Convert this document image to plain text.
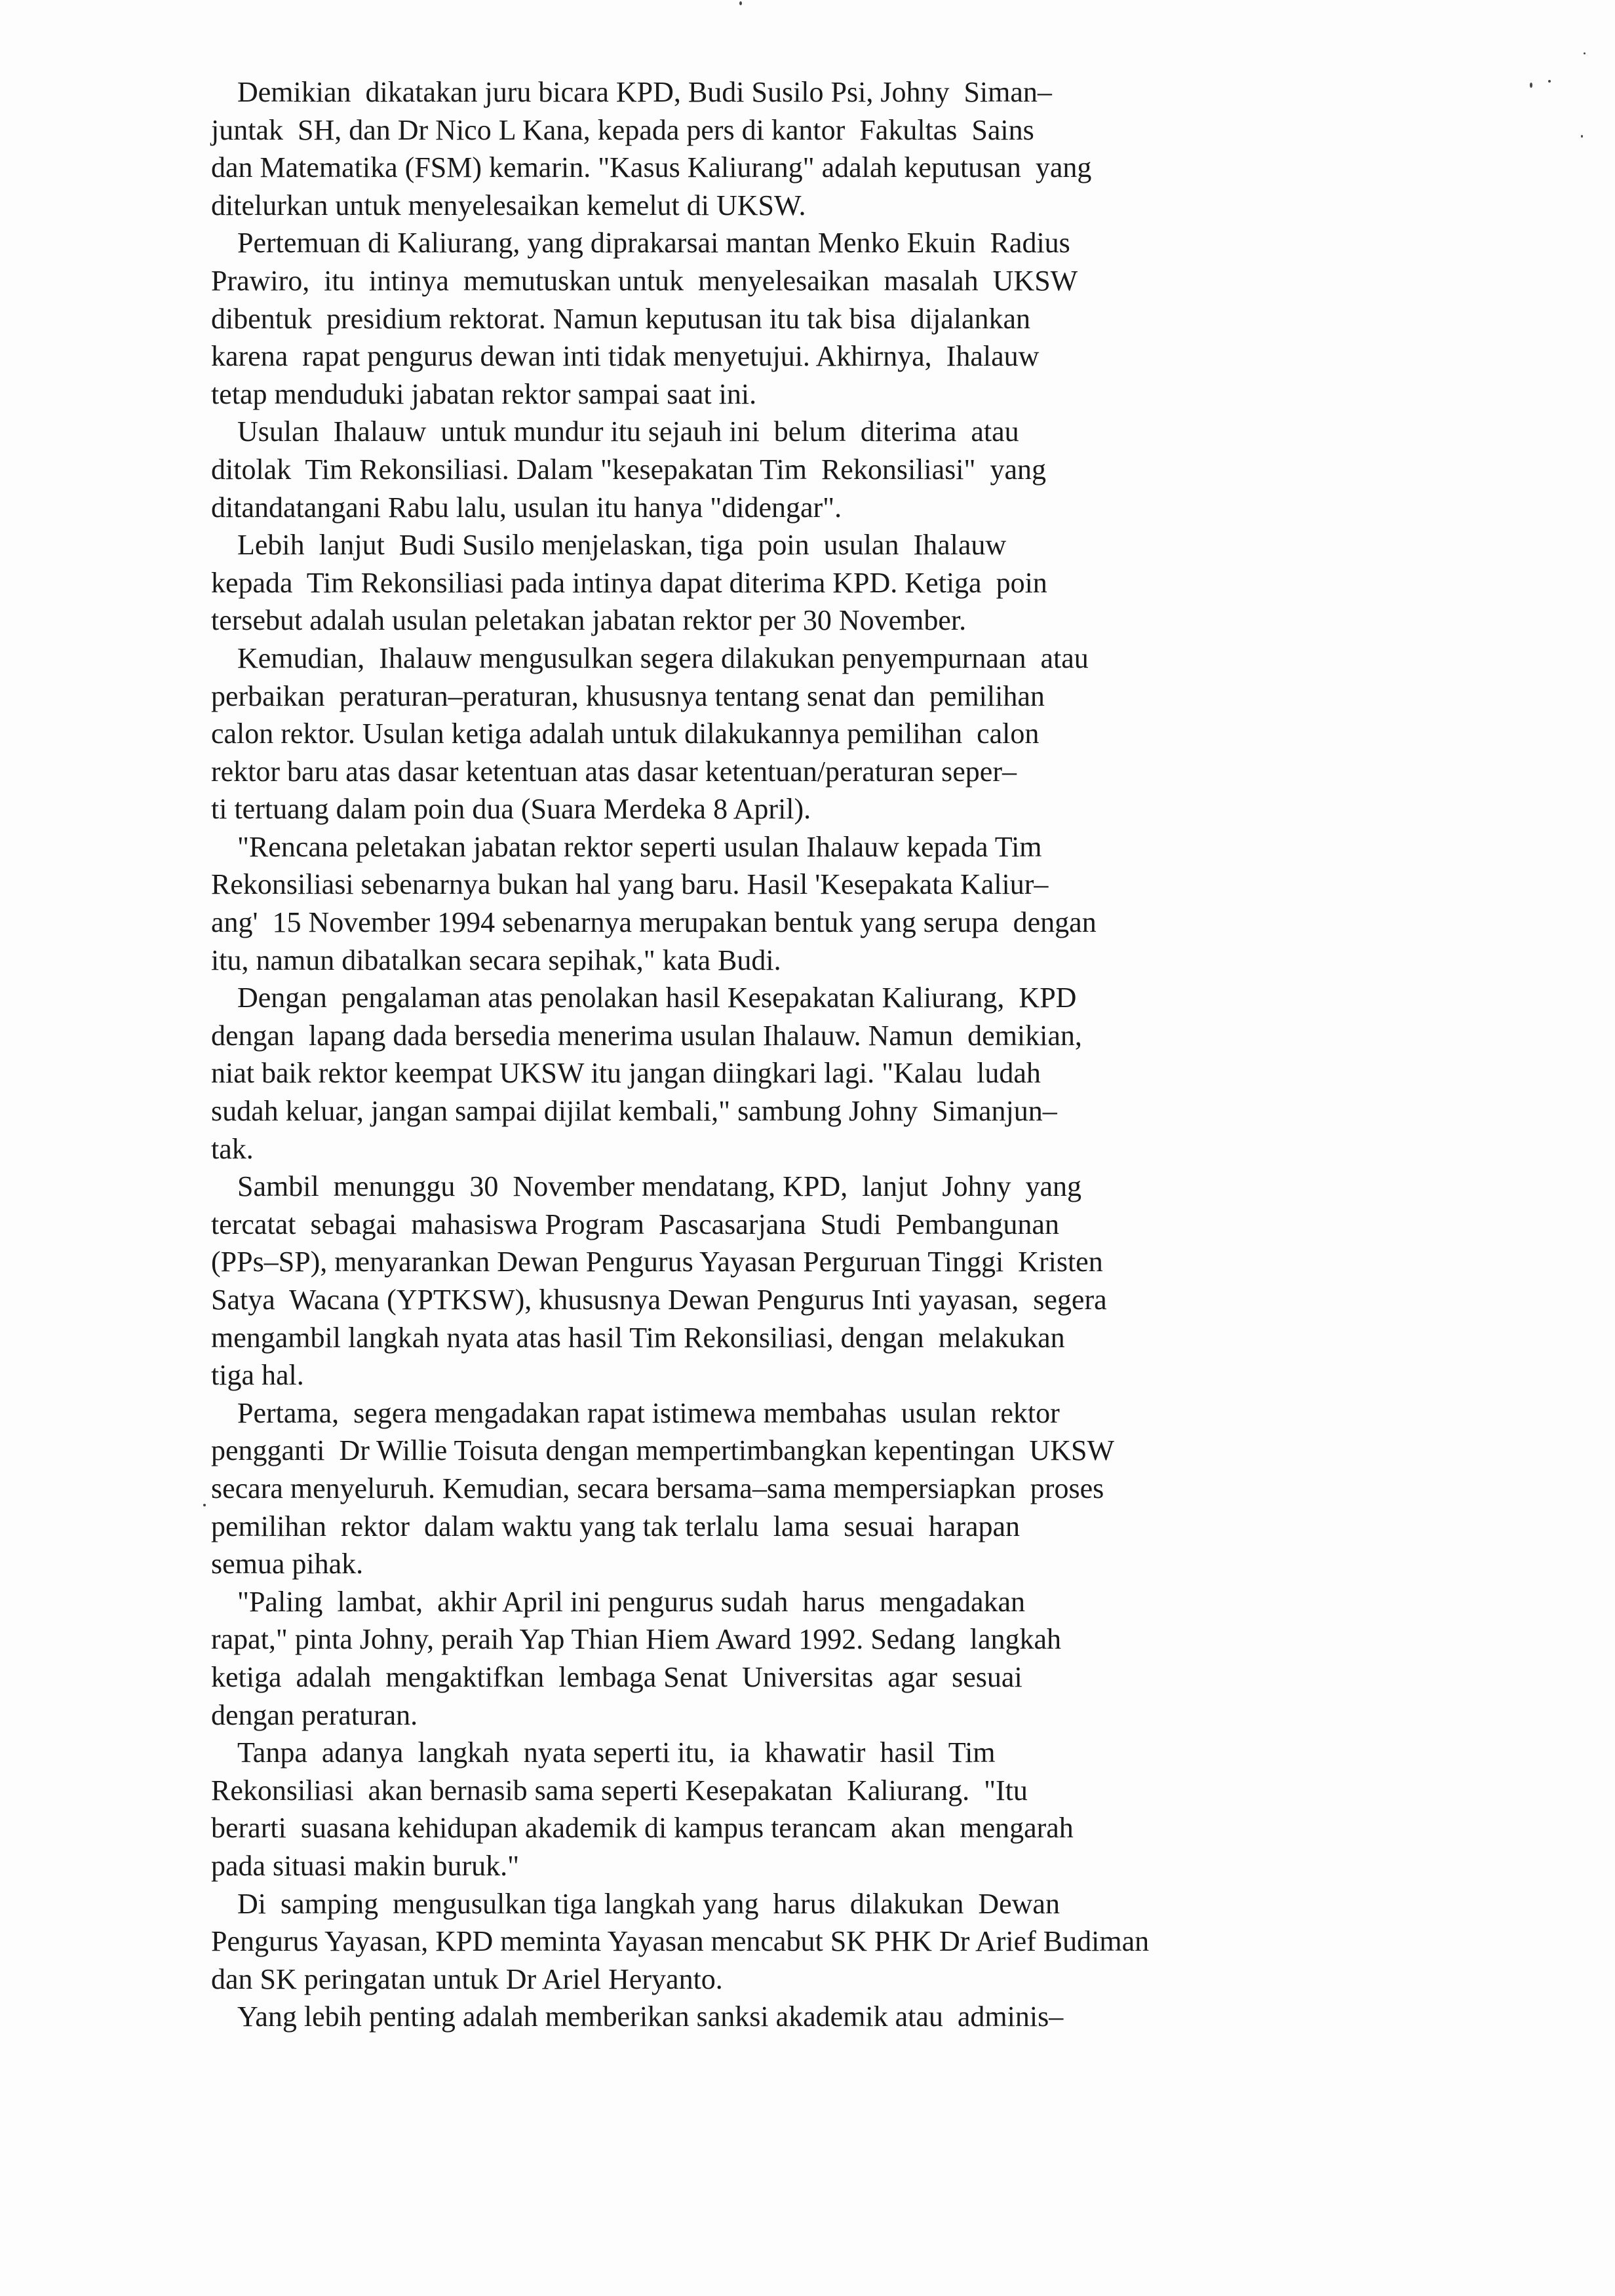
Demikian  dikatakan juru bicara KPD, Budi Susilo Psi, Johny  Siman–
juntak  SH, dan Dr Nico L Kana, kepada pers di kantor  Fakultas  Sains
dan Matematika (FSM) kemarin. "Kasus Kaliurang" adalah keputusan  yang
ditelurkan untuk menyelesaikan kemelut di UKSW.

Pertemuan di Kaliurang, yang diprakarsai mantan Menko Ekuin  Radius
Prawiro,  itu  intinya  memutuskan untuk  menyelesaikan  masalah  UKSW
dibentuk  presidium rektorat. Namun keputusan itu tak bisa  dijalankan
karena  rapat pengurus dewan inti tidak menyetujui. Akhirnya,  Ihalauw
tetap menduduki jabatan rektor sampai saat ini.

Usulan  Ihalauw  untuk mundur itu sejauh ini  belum  diterima  atau
ditolak  Tim Rekonsiliasi. Dalam "kesepakatan Tim  Rekonsiliasi"  yang
ditandatangani Rabu lalu, usulan itu hanya "didengar".

Lebih  lanjut  Budi Susilo menjelaskan, tiga  poin  usulan  Ihalauw
kepada  Tim Rekonsiliasi pada intinya dapat diterima KPD. Ketiga  poin
tersebut adalah usulan peletakan jabatan rektor per 30 November.

Kemudian,  Ihalauw mengusulkan segera dilakukan penyempurnaan  atau
perbaikan  peraturan–peraturan, khususnya tentang senat dan  pemilihan
calon rektor. Usulan ketiga adalah untuk dilakukannya pemilihan  calon
rektor baru atas dasar ketentuan atas dasar ketentuan/peraturan seper–
ti tertuang dalam poin dua (Suara Merdeka 8 April).

"Rencana peletakan jabatan rektor seperti usulan Ihalauw kepada Tim
Rekonsiliasi sebenarnya bukan hal yang baru. Hasil 'Kesepakata Kaliur–
ang'  15 November 1994 sebenarnya merupakan bentuk yang serupa  dengan
itu, namun dibatalkan secara sepihak," kata Budi.

Dengan  pengalaman atas penolakan hasil Kesepakatan Kaliurang,  KPD
dengan  lapang dada bersedia menerima usulan Ihalauw. Namun  demikian,
niat baik rektor keempat UKSW itu jangan diingkari lagi. "Kalau  ludah
sudah keluar, jangan sampai dijilat kembali," sambung Johny  Simanjun–
tak.

Sambil  menunggu  30  November mendatang, KPD,  lanjut  Johny  yang
tercatat  sebagai  mahasiswa Program  Pascasarjana  Studi  Pembangunan
(PPs–SP), menyarankan Dewan Pengurus Yayasan Perguruan Tinggi  Kristen
Satya  Wacana (YPTKSW), khususnya Dewan Pengurus Inti yayasan,  segera
mengambil langkah nyata atas hasil Tim Rekonsiliasi, dengan  melakukan
tiga hal.

Pertama,  segera mengadakan rapat istimewa membahas  usulan  rektor
pengganti  Dr Willie Toisuta dengan mempertimbangkan kepentingan  UKSW
secara menyeluruh. Kemudian, secara bersama–sama mempersiapkan  proses
pemilihan  rektor  dalam waktu yang tak terlalu  lama  sesuai  harapan
semua pihak.

"Paling  lambat,  akhir April ini pengurus sudah  harus  mengadakan
rapat," pinta Johny, peraih Yap Thian Hiem Award 1992. Sedang  langkah
ketiga  adalah  mengaktifkan  lembaga Senat  Universitas  agar  sesuai
dengan peraturan.

Tanpa  adanya  langkah  nyata seperti itu,  ia  khawatir  hasil  Tim
Rekonsiliasi  akan bernasib sama seperti Kesepakatan  Kaliurang.  "Itu
berarti  suasana kehidupan akademik di kampus terancam  akan  mengarah
pada situasi makin buruk."

Di  samping  mengusulkan tiga langkah yang  harus  dilakukan  Dewan
Pengurus Yayasan, KPD meminta Yayasan mencabut SK PHK Dr Arief Budiman
dan SK peringatan untuk Dr Ariel Heryanto.

Yang lebih penting adalah memberikan sanksi akademik atau  adminis–
